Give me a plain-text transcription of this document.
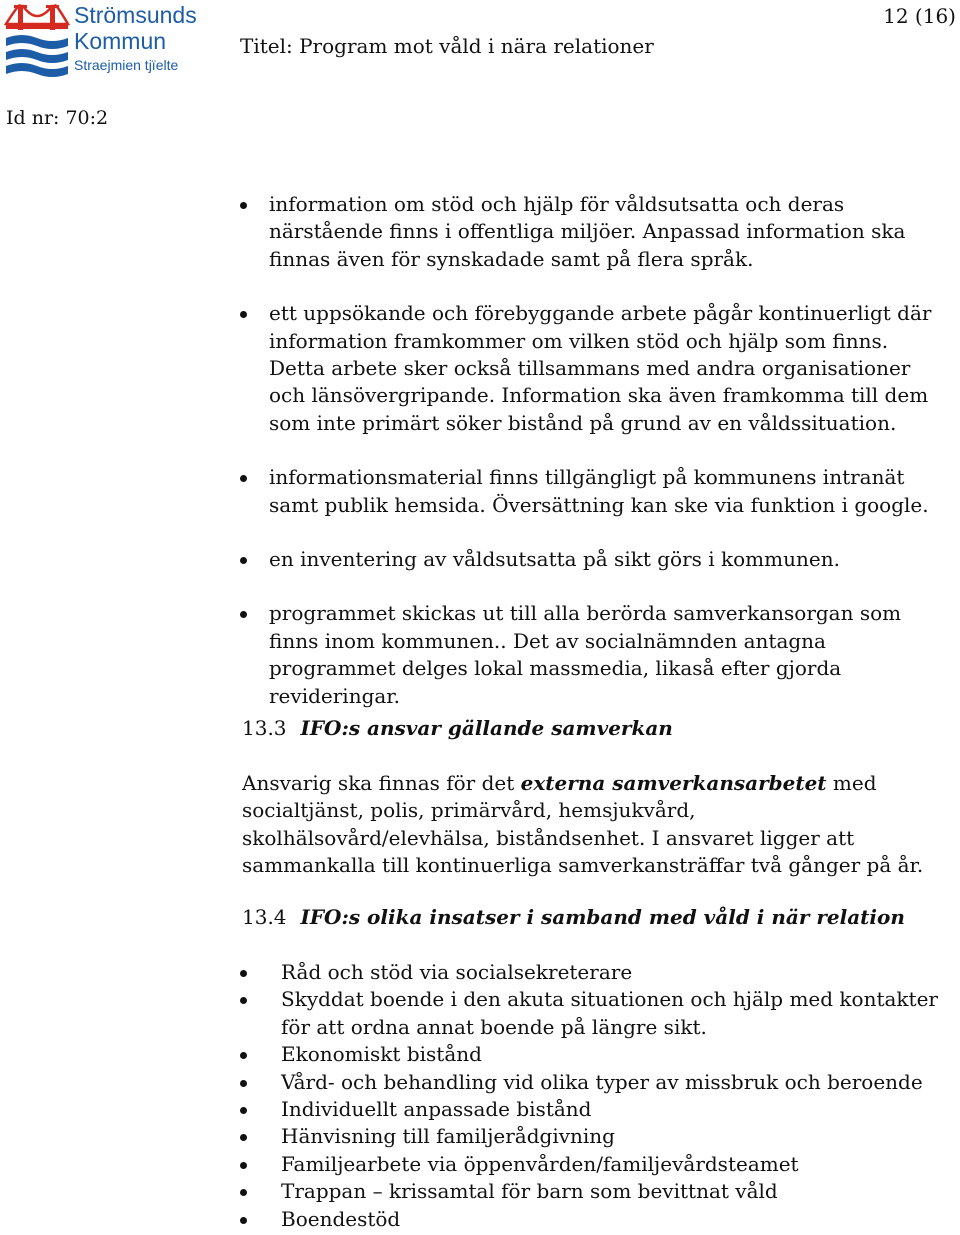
Strömsunds
Kommun
Straejmien tjïelte
Titel: Program mot våld i nära relationer
12 (16)
Id nr: 70:2
information om stöd och hjälp för våldsutsatta och deras närstående finns i offentliga miljöer. Anpassad information ska finnas även för synskadade samt på flera språk.
ett uppsökande och förebyggande arbete pågår kontinuerligt där information framkommer om vilken stöd och hjälp som finns. Detta arbete sker också tillsammans med andra organisationer och länsövergripande. Information ska även framkomma till dem som inte primärt söker bistånd på grund av en våldssituation.
informationsmaterial finns tillgängligt på kommunens intranät samt publik hemsida. Översättning kan ske via funktion i google.
en inventering av våldsutsatta på sikt görs i kommunen.
programmet skickas ut till alla berörda samverkansorgan som finns inom kommunen.. Det av socialnämnden antagna programmet delges lokal massmedia, likaså efter gjorda revideringar.
13.3 IFO:s ansvar gällande samverkan
Ansvarig ska finnas för det externa samverkansarbetet med socialtjänst, polis, primärvård, hemsjukvård, skolhälsovård/elevhälsa, biståndsenhet. I ansvaret ligger att sammankalla till kontinuerliga samverkansträffar två gånger på år.
13.4 IFO:s olika insatser i samband med våld i när relation
Råd och stöd via socialsekreterare
Skyddat boende i den akuta situationen och hjälp med kontakter för att ordna annat boende på längre sikt.
Ekonomiskt bistånd
Vård- och behandling vid olika typer av missbruk och beroende
Individuellt anpassade bistånd
Hänvisning till familjerådgivning
Familjearbete via öppenvården/familjevårdsteamet
Trappan – krissamtal för barn som bevittnat våld
Boendestöd
